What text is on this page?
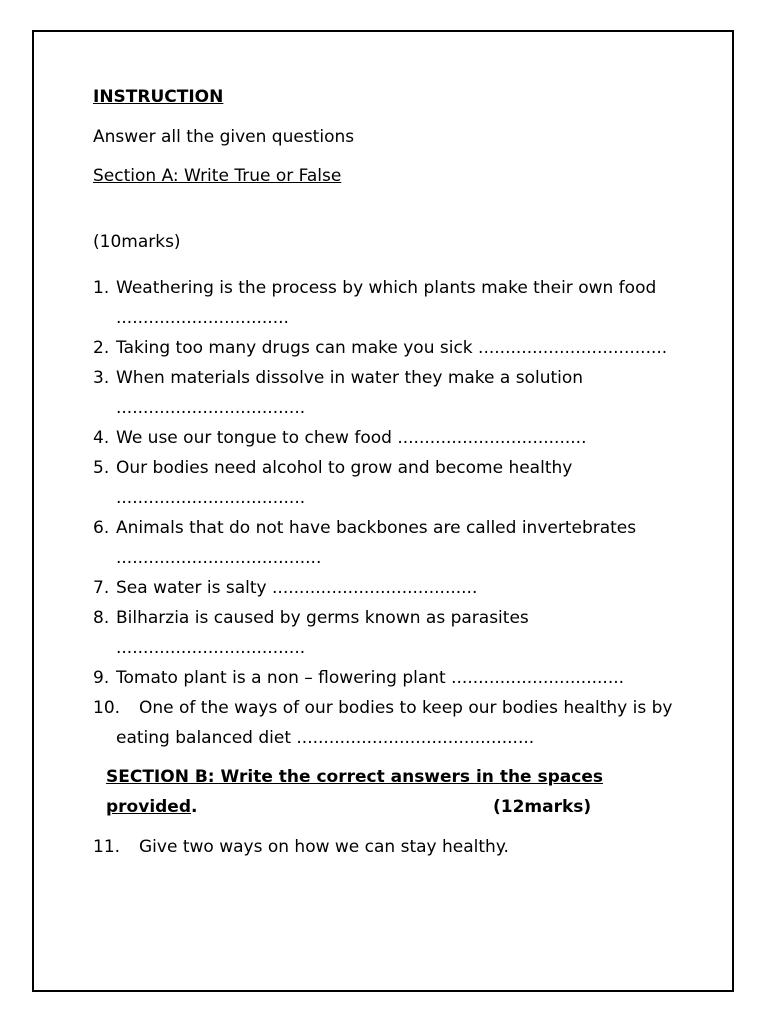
INSTRUCTION

Answer all the given questions

Section A: Write True or False

(10marks)

1. Weathering is the process by which plants make their own food ................................
2. Taking too many drugs can make you sick ...................................
3. When materials dissolve in water they make a solution ...................................
4. We use our tongue to chew food ...................................
5. Our bodies need alcohol to grow and become healthy ...................................
6. Animals that do not have backbones are called invertebrates ......................................
7. Sea water is salty ......................................
8. Bilharzia is caused by germs known as parasites ...................................
9. Tomato plant is a non – flowering plant ................................
10.	One of the ways of our bodies to keep our bodies healthy is by eating balanced diet ............................................
SECTION B: Write the correct answers in the spaces
provided.	(12marks)
11. Give two ways on how we can stay healthy.
